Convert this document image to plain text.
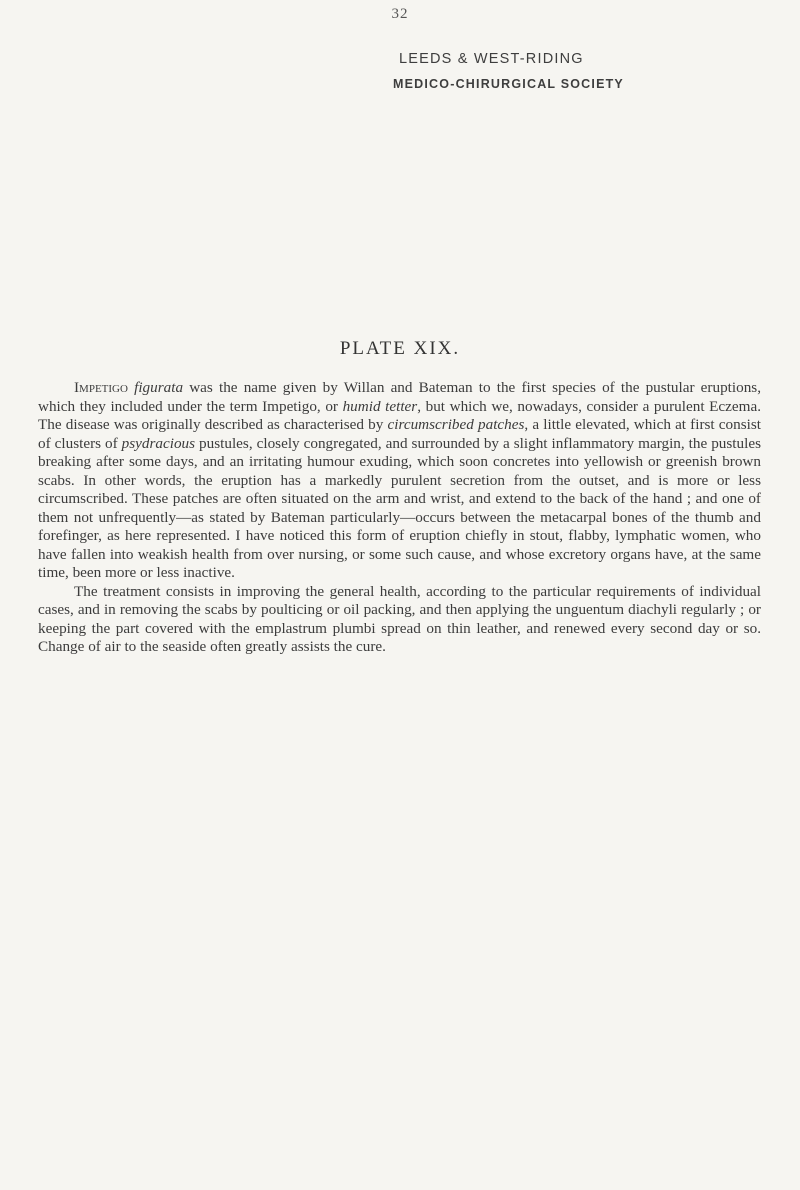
32
LEEDS & WEST-RIDING
MEDICO-CHIRURGICAL SOCIETY
PLATE XIX.

Impetigo figurata was the name given by Willan and Bateman to the first species of the pustular eruptions, which they included under the term Impetigo, or humid tetter, but which we, nowadays, consider a purulent Eczema. The disease was originally described as characterised by circumscribed patches, a little elevated, which at first consist of clusters of psydracious pustules, closely congregated, and surrounded by a slight inflammatory margin, the pustules breaking after some days, and an irritating humour exuding, which soon concretes into yellowish or greenish brown scabs. In other words, the eruption has a markedly purulent secretion from the outset, and is more or less circumscribed. These patches are often situated on the arm and wrist, and extend to the back of the hand ; and one of them not unfrequently—as stated by Bateman particularly—occurs between the metacarpal bones of the thumb and forefinger, as here represented. I have noticed this form of eruption chiefly in stout, flabby, lymphatic women, who have fallen into weakish health from over nursing, or some such cause, and whose excretory organs have, at the same time, been more or less inactive.

The treatment consists in improving the general health, according to the particular requirements of individual cases, and in removing the scabs by poulticing or oil packing, and then applying the unguentum diachyli regularly ; or keeping the part covered with the emplastrum plumbi spread on thin leather, and renewed every second day or so. Change of air to the seaside often greatly assists the cure.
